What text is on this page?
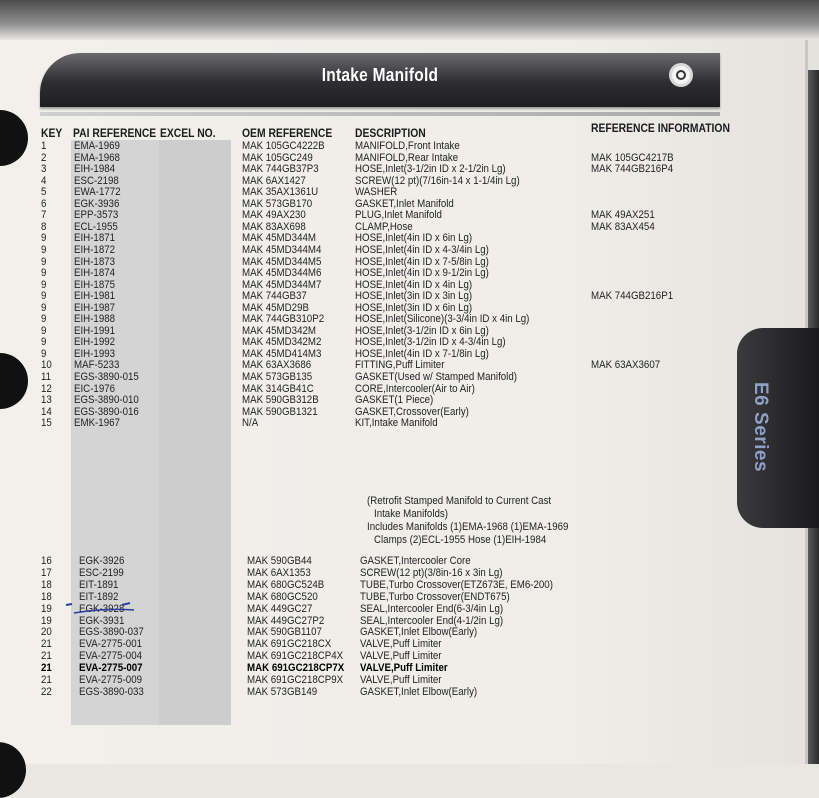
Intake Manifold
KEY PAI REFERENCE EXCEL NO. OEM REFERENCE DESCRIPTION	REFERENCE INFORMATION
1 EMA-1969	MAK 105GC4222B	MANIFOLD,Front Intake
2 EMA-1968	MAK 105GC249	MANIFOLD,Rear Intake	MAK 105GC4217B
3 EIH-1984	MAK 744GB37P3	HOSE,Inlet(3-1/2in ID x 2-1/2in Lg)	MAK 744GB216P4
4 ESC-2198	MAK 6AX1427	SCREW(12 pt)(7/16in-14 x 1-1/4in Lg)
5 EWA-1772	MAK 35AX1361U	WASHER
6 EGK-3936	MAK 573GB170	GASKET,Inlet Manifold
7 EPP-3573	MAK 49AX230	PLUG,Inlet Manifold	MAK 49AX251
8 ECL-1955	MAK 83AX698	CLAMP,Hose	MAK 83AX454
9 EIH-1871	MAK 45MD344M	HOSE,Inlet(4in ID x 6in Lg)
9 EIH-1872	MAK 45MD344M4	HOSE,Inlet(4in ID x 4-3/4in Lg)
9 EIH-1873	MAK 45MD344M5	HOSE,Inlet(4in ID x 7-5/8in Lg)
9 EIH-1874	MAK 45MD344M6	HOSE,Inlet(4in ID x 9-1/2in Lg)
9 EIH-1875	MAK 45MD344M7	HOSE,Inlet(4in ID x 4in Lg)
9 EIH-1981	MAK 744GB37	HOSE,Inlet(3in ID x 3in Lg)	MAK 744GB216P1
9 EIH-1987	MAK 45MD29B	HOSE,Inlet(3in ID x 6in Lg)
9 EIH-1988	MAK 744GB310P2	HOSE,Inlet(Silicone)(3-3/4in ID x 4in Lg)
9 EIH-1991	MAK 45MD342M	HOSE,Inlet(3-1/2in ID x 6in Lg)
9 EIH-1992	MAK 45MD342M2	HOSE,Inlet(3-1/2in ID x 4-3/4in Lg)
9 EIH-1993	MAK 45MD414M3	HOSE,Inlet(4in ID x 7-1/8in Lg)
10 MAF-5233	MAK 63AX3686	FITTING,Puff Limiter	MAK 63AX3607
11 EGS-3890-015	MAK 573GB135	GASKET(Used w/ Stamped Manifold)
12 EIC-1976	MAK 314GB41C	CORE,Intercooler(Air to Air)
13 EGS-3890-010	MAK 590GB312B	GASKET(1 Piece)
14 EGS-3890-016	MAK 590GB1321	GASKET,Crossover(Early)
15 EMK-1967	N/A	KIT,Intake Manifold
(Retrofit Stamped Manifold to Current Cast
Intake Manifolds)
Includes Manifolds (1)EMA-1968 (1)EMA-1969
Clamps (2)ECL-1955 Hose (1)EIH-1984
16 EGK-3926	MAK 590GB44	GASKET,Intercooler Core
17 ESC-2199	MAK 6AX1353	SCREW(12 pt)(3/8in-16 x 3in Lg)
18 EIT-1891	MAK 680GC524B	TUBE,Turbo Crossover(ETZ673E, EM6-200)
18 EIT-1892	MAK 680GC520	TUBE,Turbo Crossover(ENDT675)
19 EGK-3928	MAK 449GC27	SEAL,Intercooler End(6-3/4in Lg)
19 EGK-3931	MAK 449GC27P2	SEAL,Intercooler End(4-1/2in Lg)
20 EGS-3890-037	MAK 590GB1107	GASKET,Inlet Elbow(Early)
21 EVA-2775-001	MAK 691GC218CX	VALVE,Puff Limiter
21 EVA-2775-004	MAK 691GC218CP4X VALVE,Puff Limiter
21 EVA-2775-007	MAK 691GC218CP7X VALVE,Puff Limiter
21 EVA-2775-009	MAK 691GC218CP9X VALVE,Puff Limiter
22 EGS-3890-033	MAK 573GB149	GASKET,Inlet Elbow(Early)
E6 Series
